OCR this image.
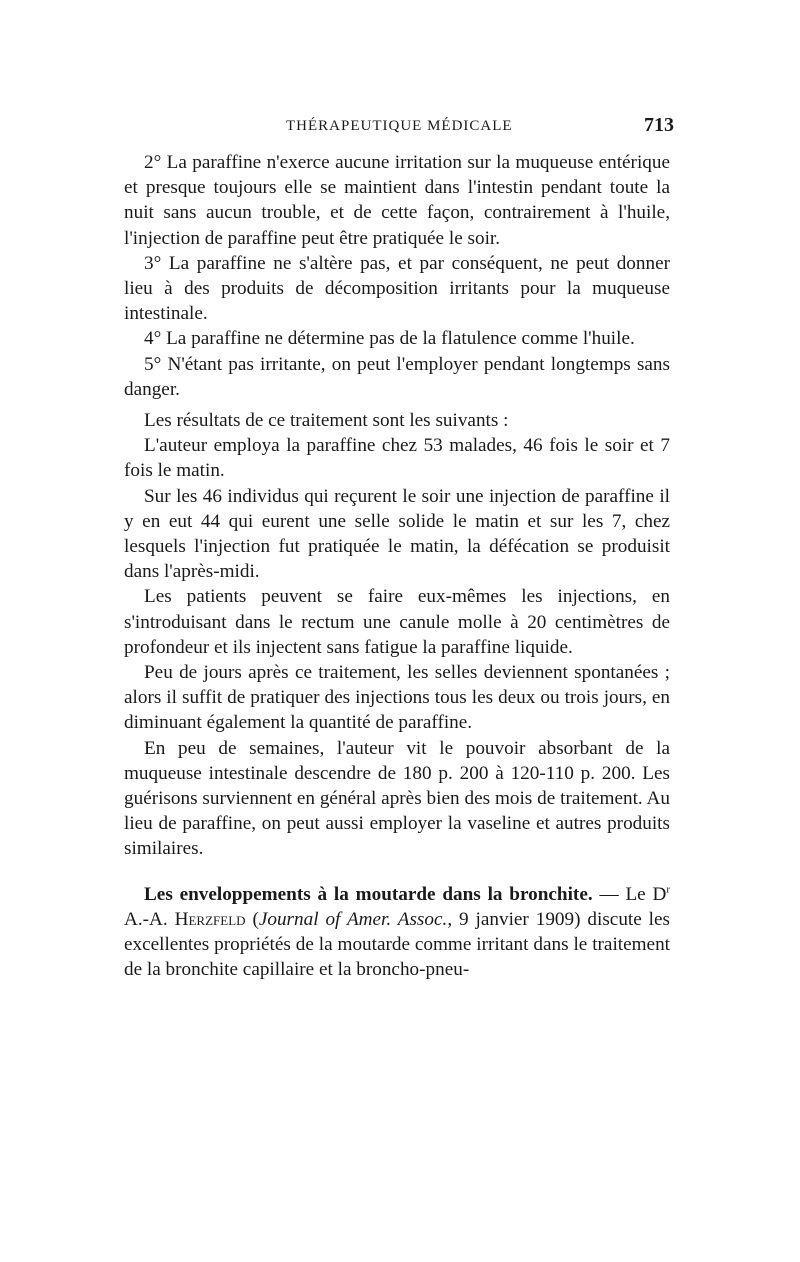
THÉRAPEUTIQUE MÉDICALE	713

2° La paraffine n'exerce aucune irritation sur la muqueuse entérique et presque toujours elle se maintient dans l'intestin pendant toute la nuit sans aucun trouble, et de cette façon, contrairement à l'huile, l'injection de paraffine peut être pratiquée le soir.

3° La paraffine ne s'altère pas, et par conséquent, ne peut donner lieu à des produits de décomposition irritants pour la muqueuse intestinale.

4° La paraffine ne détermine pas de la flatulence comme l'huile.

5° N'étant pas irritante, on peut l'employer pendant longtemps sans danger.

Les résultats de ce traitement sont les suivants :

L'auteur employa la paraffine chez 53 malades, 46 fois le soir et 7 fois le matin.

Sur les 46 individus qui reçurent le soir une injection de paraffine il y en eut 44 qui eurent une selle solide le matin et sur les 7, chez lesquels l'injection fut pratiquée le matin, la défécation se produisit dans l'après-midi.

Les patients peuvent se faire eux-mêmes les injections, en s'introduisant dans le rectum une canule molle à 20 centimètres de profondeur et ils injectent sans fatigue la paraffine liquide.

Peu de jours après ce traitement, les selles deviennent spontanées ; alors il suffit de pratiquer des injections tous les deux ou trois jours, en diminuant également la quantité de paraffine.

En peu de semaines, l'auteur vit le pouvoir absorbant de la muqueuse intestinale descendre de 180 p. 200 à 120-110 p. 200. Les guérisons surviennent en général après bien des mois de traitement. Au lieu de paraffine, on peut aussi employer la vaseline et autres produits similaires.

Les enveloppements à la moutarde dans la bronchite. — Le $D^r$ A.-A. Herzfeld (Journal of Amer. Assoc., 9 janvier 1909) discute les excellentes propriétés de la moutarde comme irritant dans le traitement de la bronchite capillaire et la broncho-pneu-
